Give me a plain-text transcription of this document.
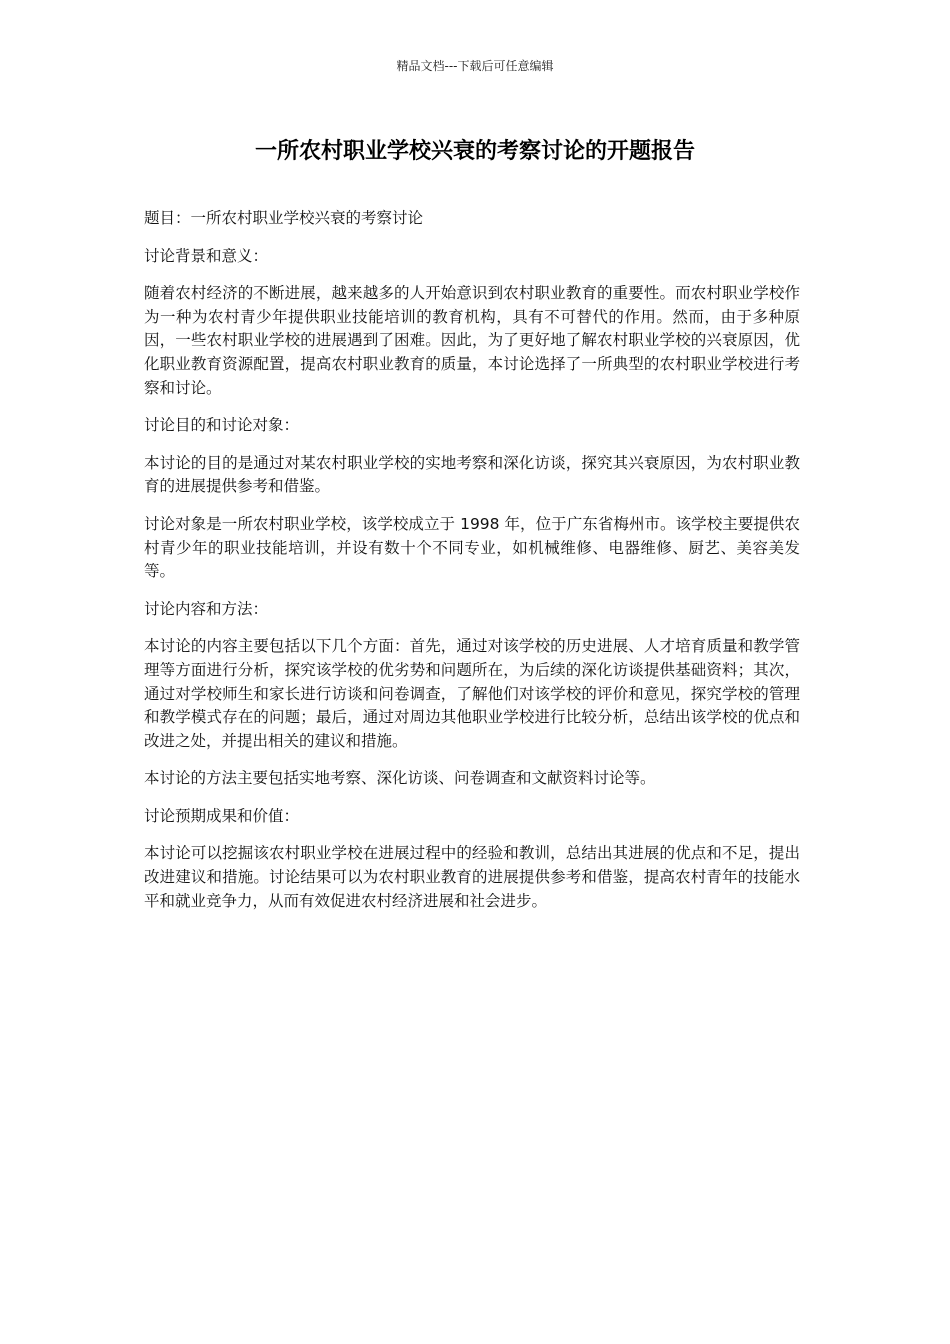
精品文档---下载后可任意编辑
一所农村职业学校兴衰的考察讨论的开题报告

题目：一所农村职业学校兴衰的考察讨论

讨论背景和意义：

随着农村经济的不断进展，越来越多的人开始意识到农村职业教育的重要性。而农村职业学校作为一种为农村青少年提供职业技能培训的教育机构，具有不可替代的作用。然而，由于多种原因，一些农村职业学校的进展遇到了困难。因此，为了更好地了解农村职业学校的兴衰原因，优化职业教育资源配置，提高农村职业教育的质量，本讨论选择了一所典型的农村职业学校进行考察和讨论。

讨论目的和讨论对象：

本讨论的目的是通过对某农村职业学校的实地考察和深化访谈，探究其兴衰原因，为农村职业教育的进展提供参考和借鉴。

讨论对象是一所农村职业学校，该学校成立于 1998 年，位于广东省梅州市。该学校主要提供农村青少年的职业技能培训，并设有数十个不同专业，如机械维修、电器维修、厨艺、美容美发等。

讨论内容和方法：

本讨论的内容主要包括以下几个方面：首先，通过对该学校的历史进展、人才培育质量和教学管理等方面进行分析，探究该学校的优劣势和问题所在，为后续的深化访谈提供基础资料；其次，通过对学校师生和家长进行访谈和问卷调查，了解他们对该学校的评价和意见，探究学校的管理和教学模式存在的问题；最后，通过对周边其他职业学校进行比较分析，总结出该学校的优点和改进之处，并提出相关的建议和措施。

本讨论的方法主要包括实地考察、深化访谈、问卷调查和文献资料讨论等。

讨论预期成果和价值：

本讨论可以挖掘该农村职业学校在进展过程中的经验和教训，总结出其进展的优点和不足，提出改进建议和措施。讨论结果可以为农村职业教育的进展提供参考和借鉴，提高农村青年的技能水平和就业竞争力，从而有效促进农村经济进展和社会进步。
